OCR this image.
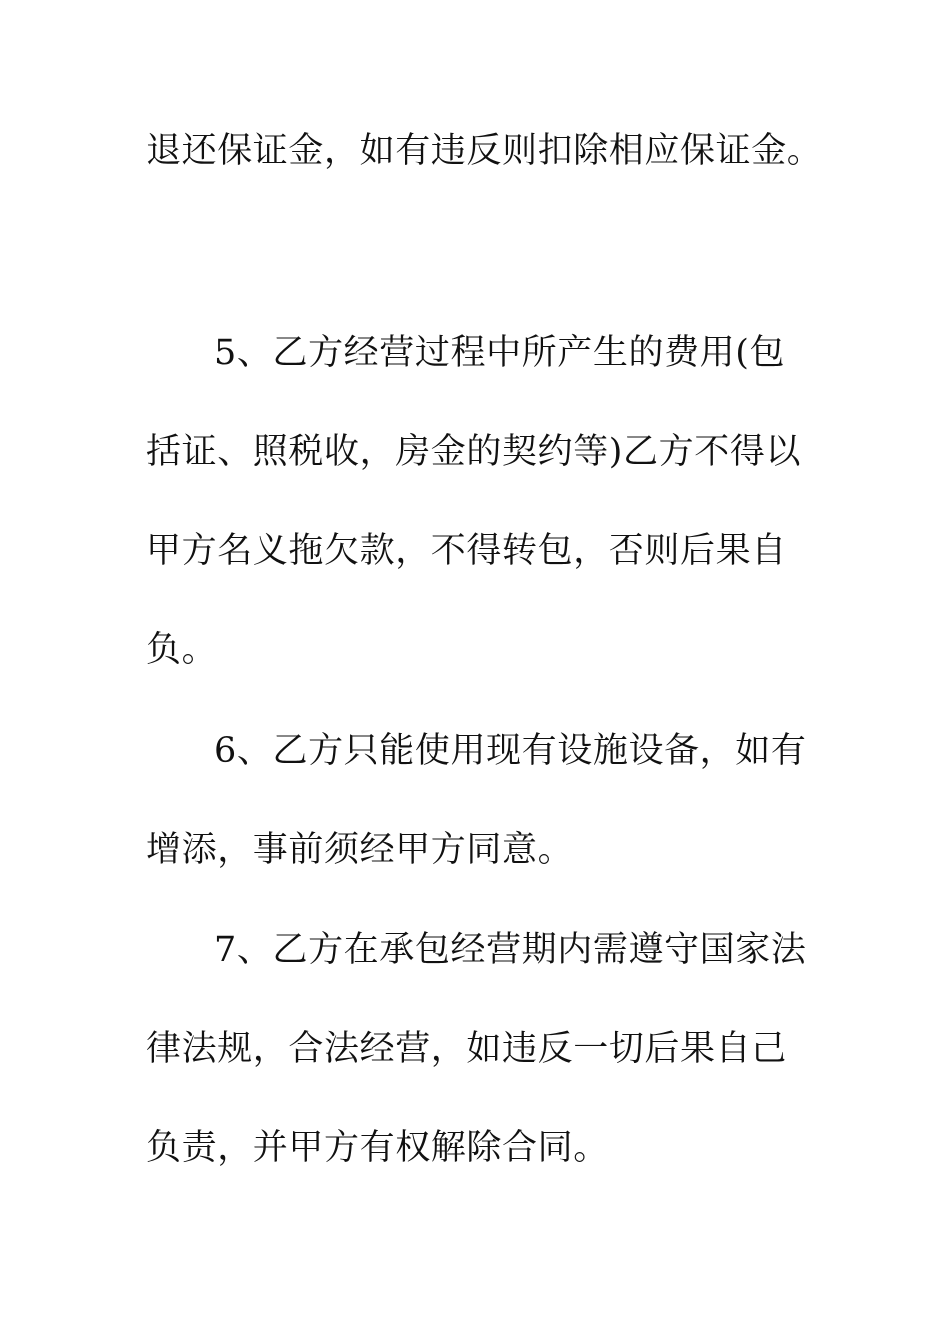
退还保证金，如有违反则扣除相应保证金。
5、乙方经营过程中所产生的费用(包
括证、照税收，房金的契约等)乙方不得以
甲方名义拖欠款，不得转包，否则后果自
负。
6、乙方只能使用现有设施设备，如有
增添，事前须经甲方同意。
7、乙方在承包经营期内需遵守国家法
律法规，合法经营，如违反一切后果自己
负责，并甲方有权解除合同。
